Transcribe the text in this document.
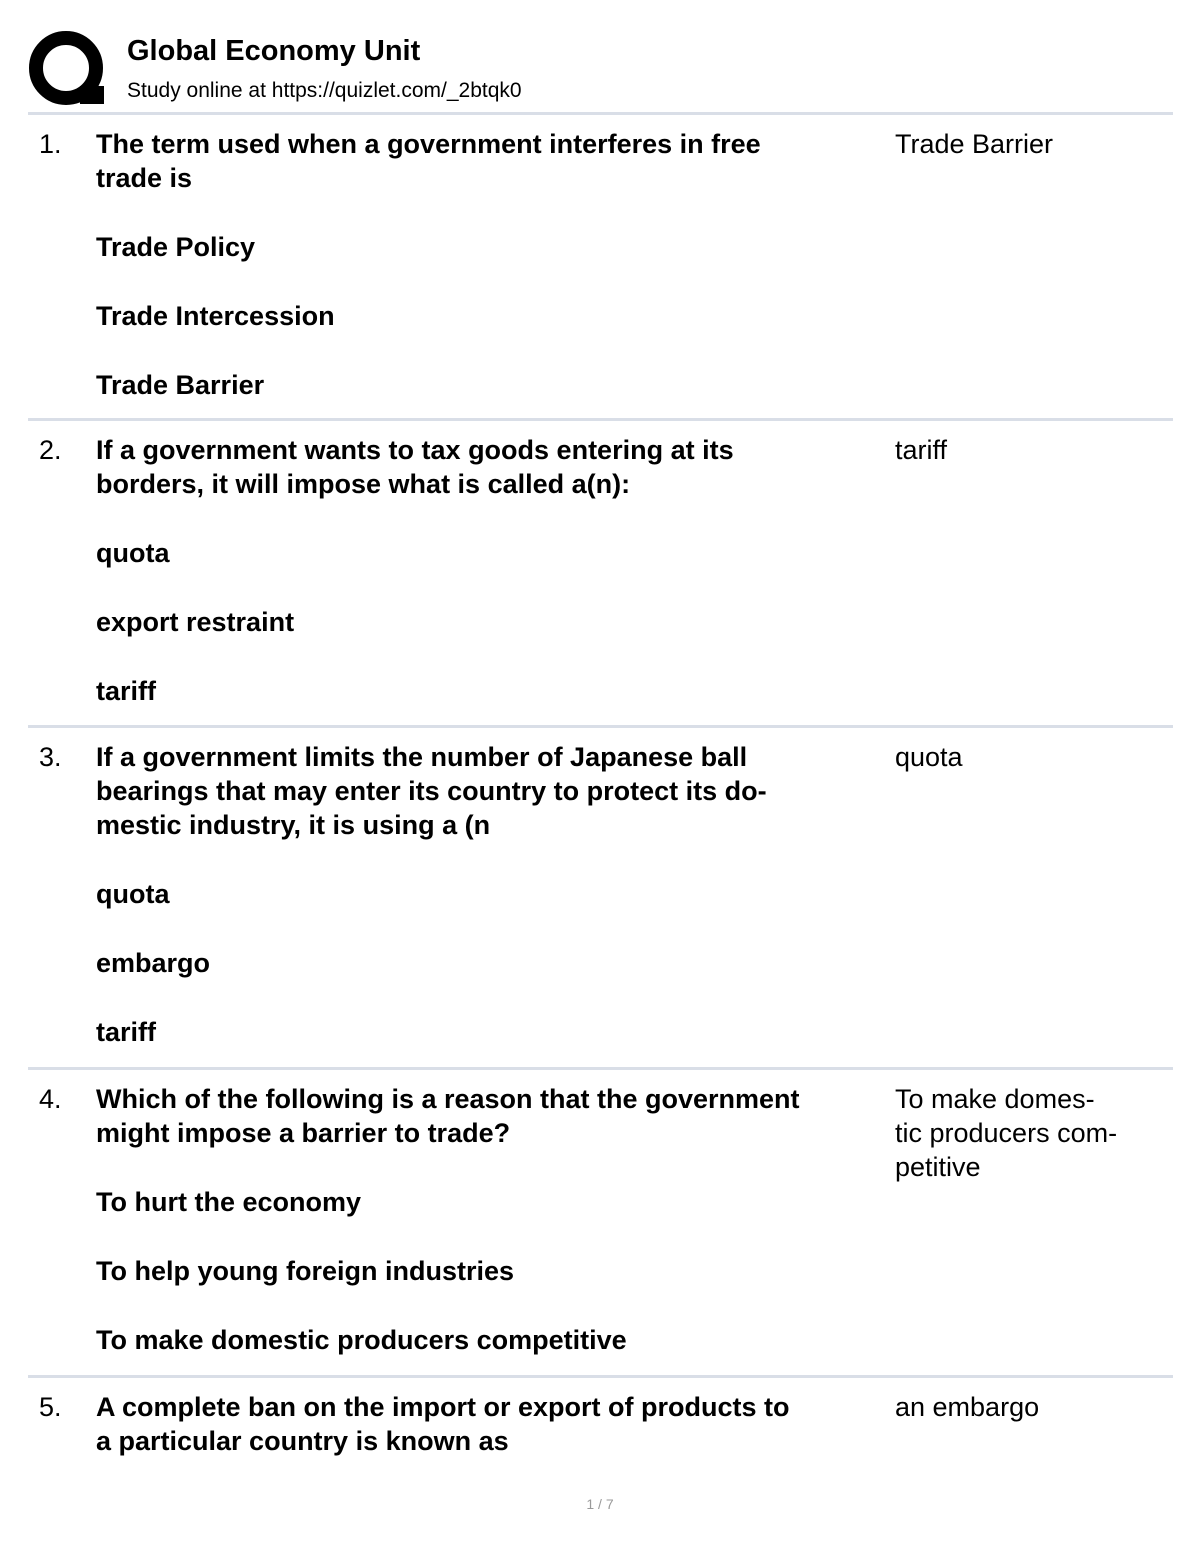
Global Economy Unit
Study online at https://quizlet.com/_2btqk0
1. The term used when a government interferes in free
trade is
Trade Policy
Trade Intercession
Trade Barrier
Trade Barrier
2. If a government wants to tax goods entering at its
borders, it will impose what is called a(n):
quota
export restraint
tariff
tariff
3. If a government limits the number of Japanese ball
bearings that may enter its country to protect its do-
mestic industry, it is using a (n
quota
embargo
tariff
quota
4. Which of the following is a reason that the government
might impose a barrier to trade?
To hurt the economy
To help young foreign industries
To make domestic producers competitive
To make domes-
tic producers com-
petitive
5. A complete ban on the import or export of products to
a particular country is known as
an embargo
1 / 7
